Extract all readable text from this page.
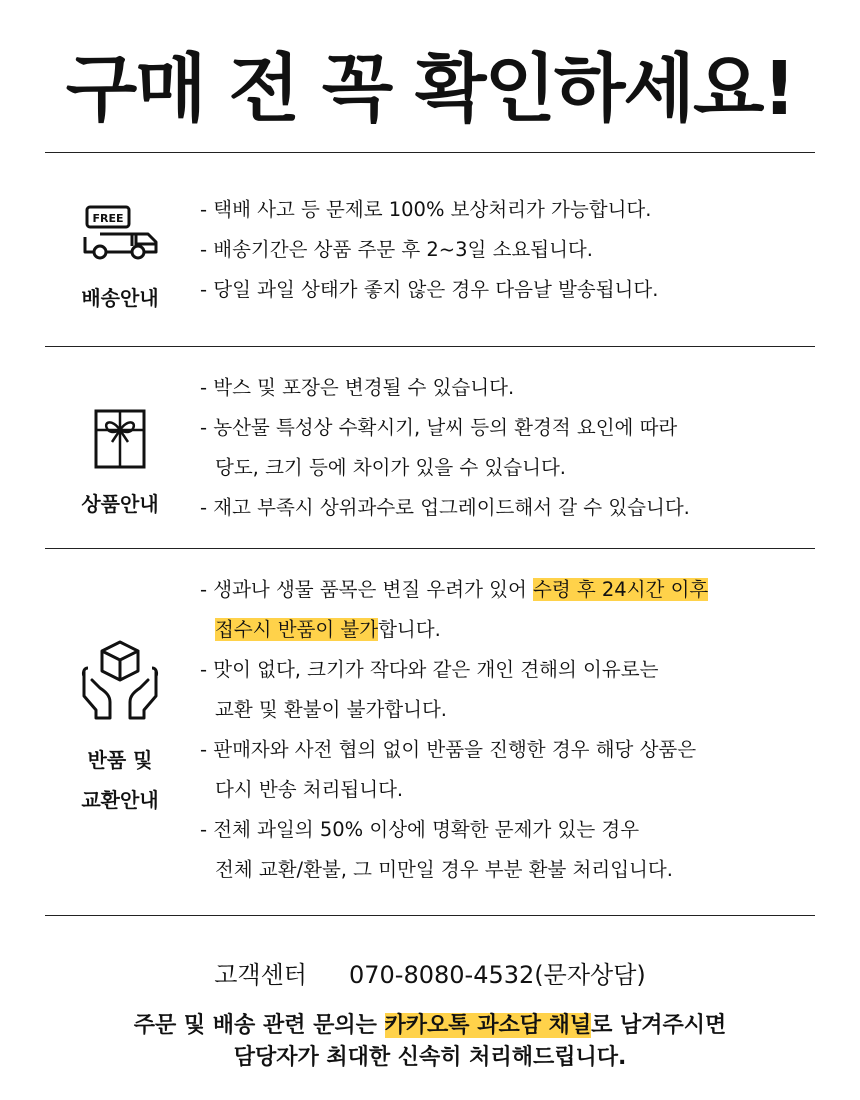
구매 전 꼭 확인하세요!
FREE
배송안내
- 택배 사고 등 문제로 100% 보상처리가 가능합니다.
- 배송기간은 상품 주문 후 2~3일 소요됩니다.
- 당일 과일 상태가 좋지 않은 경우 다음날 발송됩니다.
상품안내
- 박스 및 포장은 변경될 수 있습니다.
- 농산물 특성상 수확시기, 날씨 등의 환경적 요인에 따라
당도, 크기 등에 차이가 있을 수 있습니다.
- 재고 부족시 상위과수로 업그레이드해서 갈 수 있습니다.
반품 및
교환안내
- 생과나 생물 품목은 변질 우려가 있어 수령 후 24시간 이후
접수시 반품이 불가합니다.
- 맛이 없다, 크기가 작다와 같은 개인 견해의 이유로는
교환 및 환불이 불가합니다.
- 판매자와 사전 협의 없이 반품을 진행한 경우 해당 상품은
다시 반송 처리됩니다.
- 전체 과일의 50% 이상에 명확한 문제가 있는 경우
전체 교환/환불, 그 미만일 경우 부분 환불 처리입니다.
고객센터 070-8080-4532(문자상담)
주문 및 배송 관련 문의는 카카오톡 과소담 채널로 남겨주시면
담당자가 최대한 신속히 처리해드립니다.
